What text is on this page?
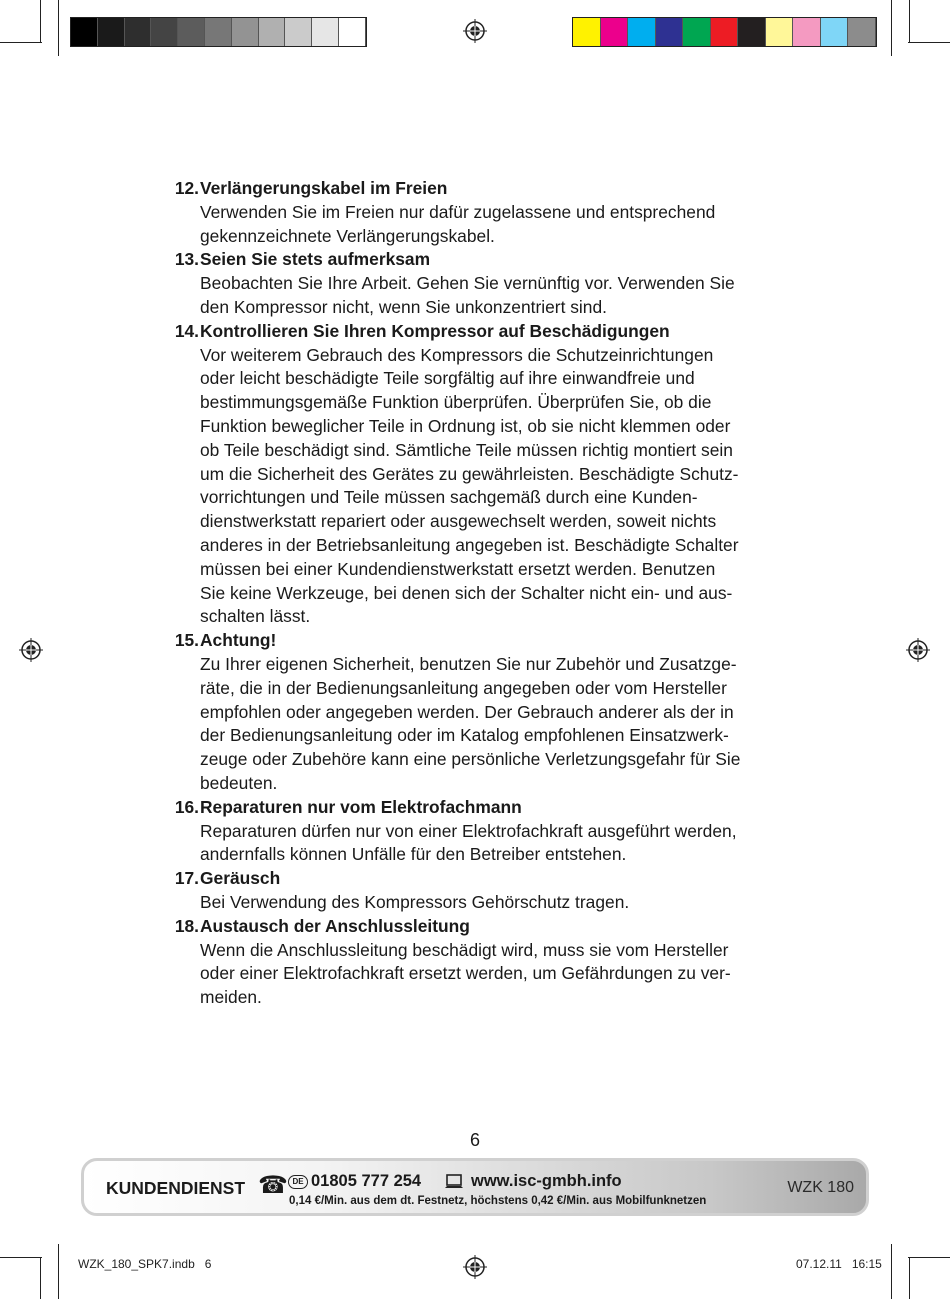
12. Verlängerungskabel im Freien
Verwenden Sie im Freien nur dafür zugelassene und entsprechend
gekennzeichnete Verlängerungskabel.
13. Seien Sie stets aufmerksam
Beobachten Sie Ihre Arbeit. Gehen Sie vernünftig vor. Verwenden Sie
den Kompressor nicht, wenn Sie unkonzentriert sind.
14. Kontrollieren Sie Ihren Kompressor auf Beschädigungen
Vor weiterem Gebrauch des Kompressors die Schutzeinrichtungen
oder leicht beschädigte Teile sorgfältig auf ihre einwandfreie und
bestimmungsgemäße Funktion überprüfen. Überprüfen Sie, ob die
Funktion beweglicher Teile in Ordnung ist, ob sie nicht klemmen oder
ob Teile beschädigt sind. Sämtliche Teile müssen richtig montiert sein
um die Sicherheit des Gerätes zu gewährleisten. Beschädigte Schutz-
vorrichtungen und Teile müssen sachgemäß durch eine Kunden-
dienstwerkstatt repariert oder ausgewechselt werden, soweit nichts
anderes in der Betriebsanleitung angegeben ist. Beschädigte Schalter
müssen bei einer Kundendienstwerkstatt ersetzt werden. Benutzen
Sie keine Werkzeuge, bei denen sich der Schalter nicht ein- und aus-
schalten lässt.
15. Achtung!
Zu Ihrer eigenen Sicherheit, benutzen Sie nur Zubehör und Zusatzge-
räte, die in der Bedienungsanleitung angegeben oder vom Hersteller
empfohlen oder angegeben werden. Der Gebrauch anderer als der in
der Bedienungsanleitung oder im Katalog empfohlenen Einsatzwerk-
zeuge oder Zubehöre kann eine persönliche Verletzungsgefahr für Sie
bedeuten.
16. Reparaturen nur vom Elektrofachmann
Reparaturen dürfen nur von einer Elektrofachkraft ausgeführt werden,
andernfalls können Unfälle für den Betreiber entstehen.
17. Geräusch
Bei Verwendung des Kompressors Gehörschutz tragen.
18. Austausch der Anschlussleitung
Wenn die Anschlussleitung beschädigt wird, muss sie vom Hersteller
oder einer Elektrofachkraft ersetzt werden, um Gefährdungen zu ver-
meiden.
6
KUNDENDIENST ☎ DE 01805 777 254	www.isc-gmbh.info
0,14 €/Min. aus dem dt. Festnetz, höchstens 0,42 €/Min. aus Mobilfunknetzen
WZK 180
WZK_180_SPK7.indb   6	07.12.11   16:15
